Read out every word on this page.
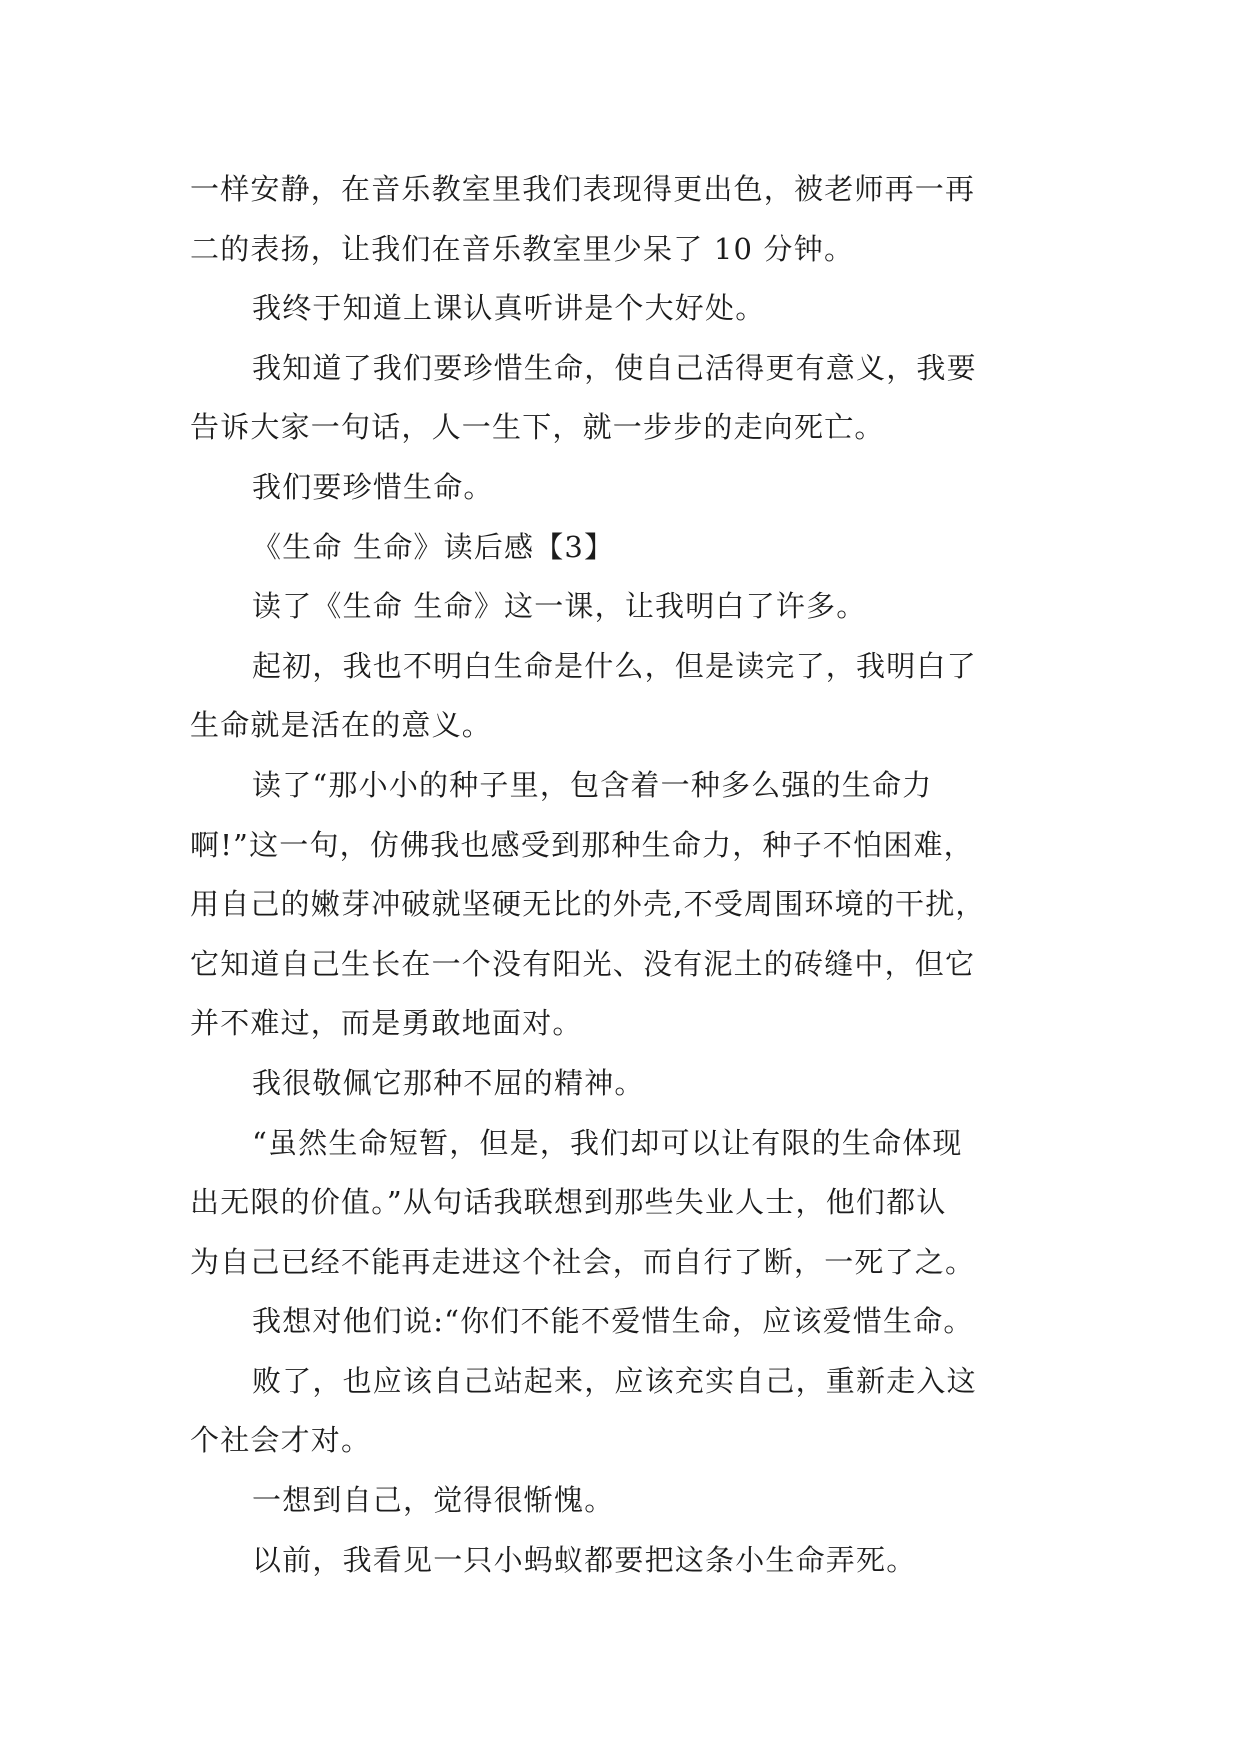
一样安静，在音乐教室里我们表现得更出色，被老师再一再
二的表扬，让我们在音乐教室里少呆了 10 分钟。
我终于知道上课认真听讲是个大好处。
我知道了我们要珍惜生命，使自己活得更有意义，我要
告诉大家一句话，人一生下，就一步步的走向死亡。
我们要珍惜生命。
《生命 生命》读后感【3】
读了《生命 生命》这一课，让我明白了许多。
起初，我也不明白生命是什么，但是读完了，我明白了
生命就是活在的意义。
读了“那小小的种子里，包含着一种多么强的生命力
啊!”这一句，仿佛我也感受到那种生命力，种子不怕困难，
用自己的嫩芽冲破就坚硬无比的外壳,不受周围环境的干扰，
它知道自己生长在一个没有阳光、没有泥土的砖缝中，但它
并不难过，而是勇敢地面对。
我很敬佩它那种不屈的精神。
“虽然生命短暂，但是，我们却可以让有限的生命体现
出无限的价值。”从句话我联想到那些失业人士，他们都认
为自己已经不能再走进这个社会，而自行了断，一死了之。
我想对他们说:“你们不能不爱惜生命，应该爱惜生命。
败了，也应该自己站起来，应该充实自己，重新走入这
个社会才对。
一想到自己，觉得很惭愧。
以前，我看见一只小蚂蚁都要把这条小生命弄死。
